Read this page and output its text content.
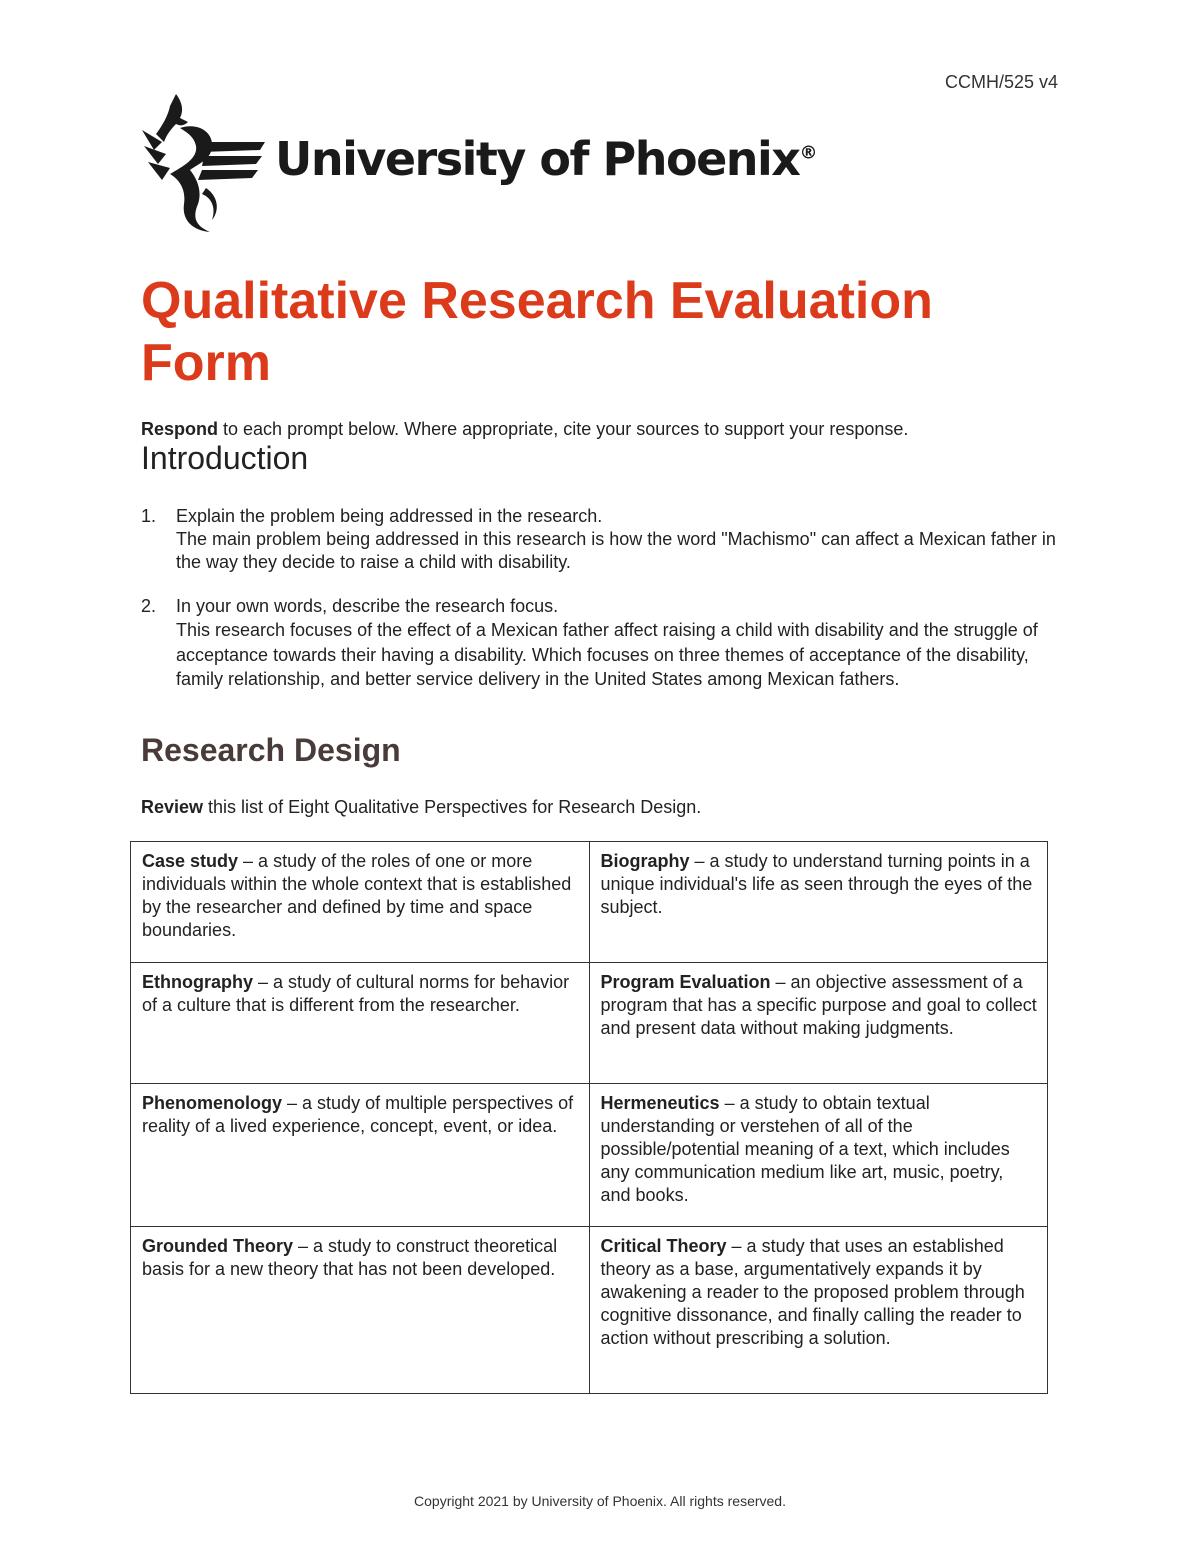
CCMH/525 v4
University of Phoenix®
Qualitative Research Evaluation Form

Respond to each prompt below. Where appropriate, cite your sources to support your response.

Introduction
1. Explain the problem being addressed in the research.
The main problem being addressed in this research is how the word "Machismo" can affect a Mexican father in the way they decide to raise a child with disability.
2. In your own words, describe the research focus.
This research focuses of the effect of a Mexican father affect raising a child with disability and the struggle of acceptance towards their having a disability. Which focuses on three themes of acceptance of the disability, family relationship, and better service delivery in the United States among Mexican fathers.
Research Design

Review this list of Eight Qualitative Perspectives for Research Design.

Case study – a study of the roles of one or more individuals within the whole context that is established by the researcher and defined by time and space boundaries.	Biography – a study to understand turning points in a unique individual's life as seen through the eyes of the subject.
Ethnography – a study of cultural norms for behavior of a culture that is different from the researcher.	Program Evaluation – an objective assessment of a program that has a specific purpose and goal to collect and present data without making judgments.
Phenomenology – a study of multiple perspectives of reality of a lived experience, concept, event, or idea.	Hermeneutics – a study to obtain textual understanding or verstehen of all of the possible/potential meaning of a text, which includes any communication medium like art, music, poetry, and books.
Grounded Theory – a study to construct theoretical basis for a new theory that has not been developed.	Critical Theory – a study that uses an established theory as a base, argumentatively expands it by awakening a reader to the proposed problem through cognitive dissonance, and finally calling the reader to action without prescribing a solution.
Copyright 2021 by University of Phoenix. All rights reserved.
